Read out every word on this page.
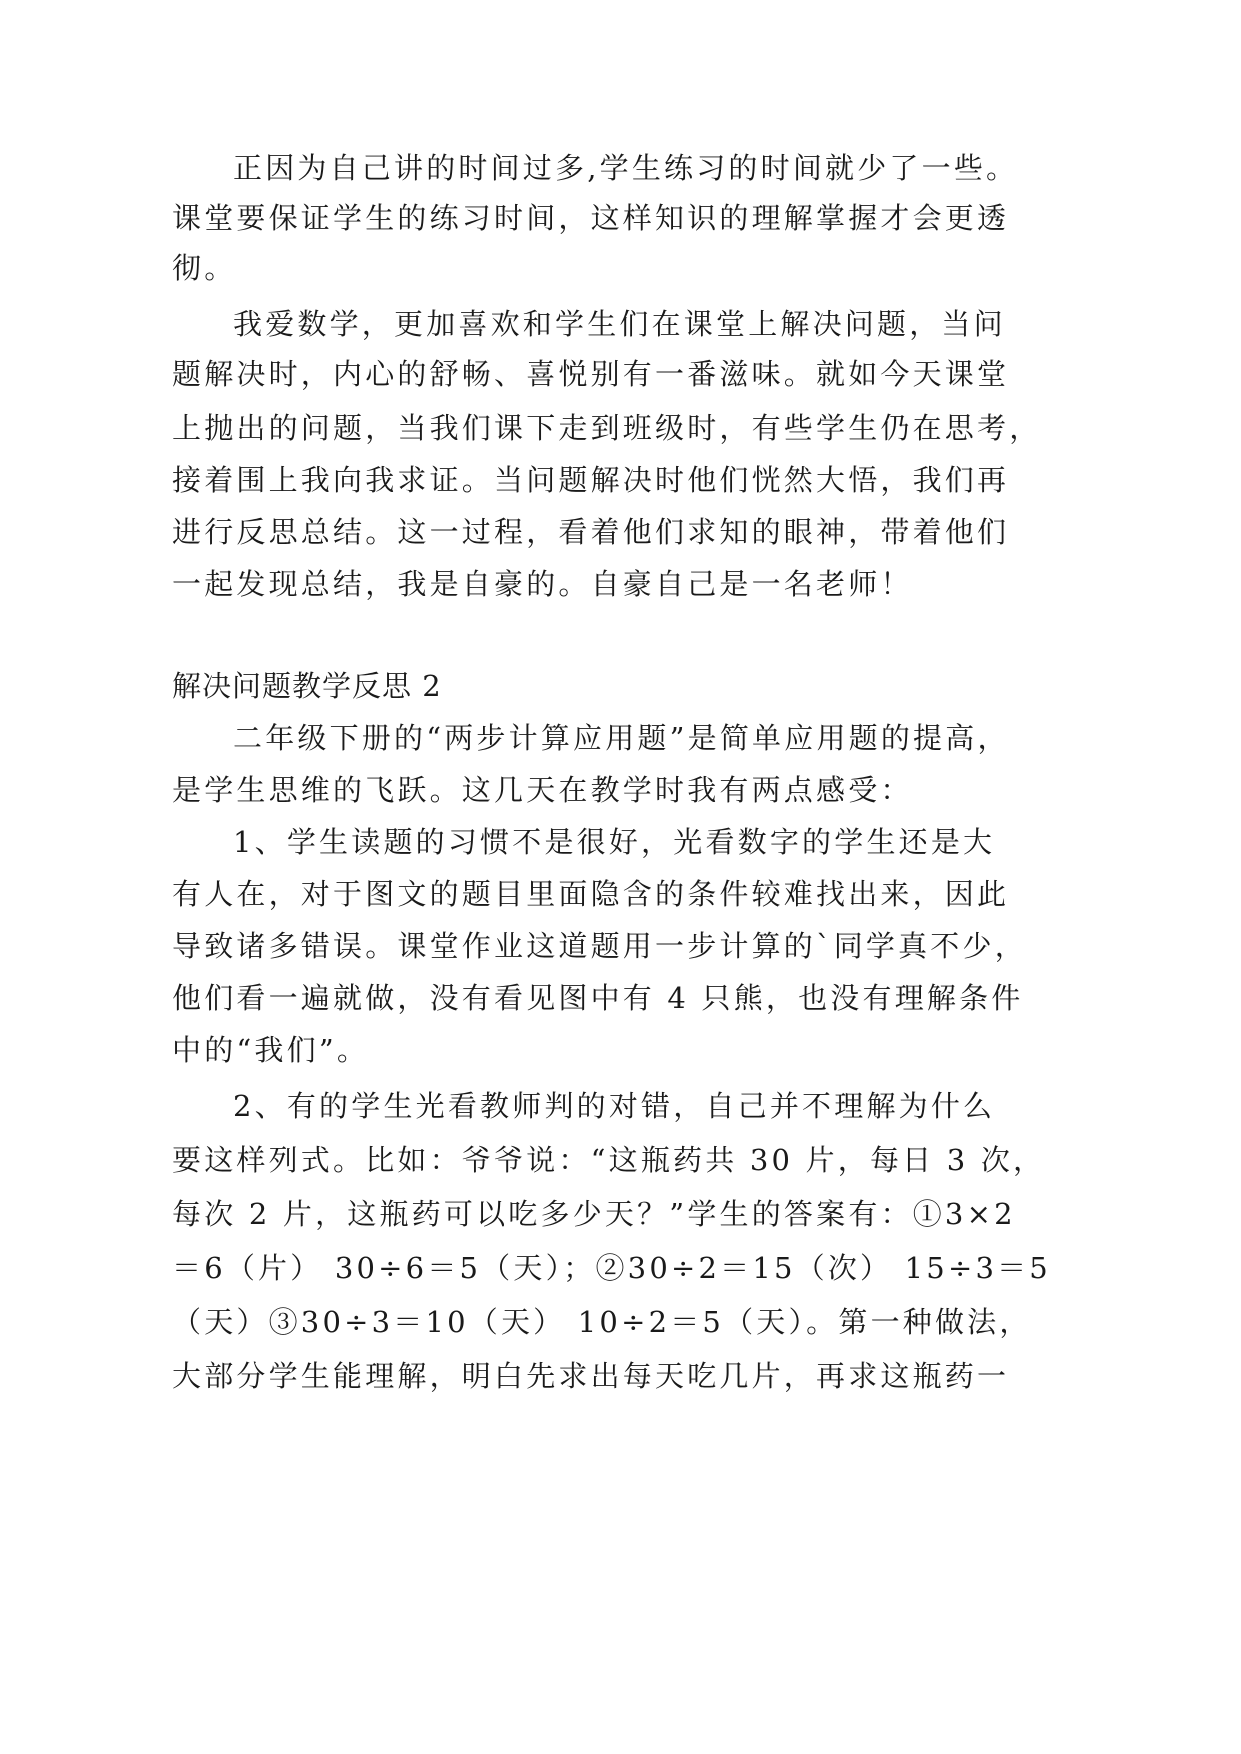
正因为自己讲的时间过多,学生练习的时间就少了一些。
课堂要保证学生的练习时间，这样知识的理解掌握才会更透
彻。
我爱数学，更加喜欢和学生们在课堂上解决问题，当问
题解决时，内心的舒畅、喜悦别有一番滋味。就如今天课堂
上抛出的问题，当我们课下走到班级时，有些学生仍在思考，
接着围上我向我求证。当问题解决时他们恍然大悟，我们再
进行反思总结。这一过程，看着他们求知的眼神，带着他们
一起发现总结，我是自豪的。自豪自己是一名老师！
解决问题教学反思 2
二年级下册的“两步计算应用题”是简单应用题的提高，
是学生思维的飞跃。这几天在教学时我有两点感受：
1、学生读题的习惯不是很好，光看数字的学生还是大
有人在，对于图文的题目里面隐含的条件较难找出来，因此
导致诸多错误。课堂作业这道题用一步计算的`同学真不少，
他们看一遍就做，没有看见图中有 4 只熊，也没有理解条件
中的“我们”。
2、有的学生光看教师判的对错，自己并不理解为什么
要这样列式。比如：爷爷说：“这瓶药共 30 片，每日 3 次，
每次 2 片，这瓶药可以吃多少天？”学生的答案有：①3×2
＝6（片） 30÷6＝5（天）；②30÷2＝15（次） 15÷3＝5
（天）③30÷3＝10（天） 10÷2＝5（天）。第一种做法，
大部分学生能理解，明白先求出每天吃几片，再求这瓶药一
